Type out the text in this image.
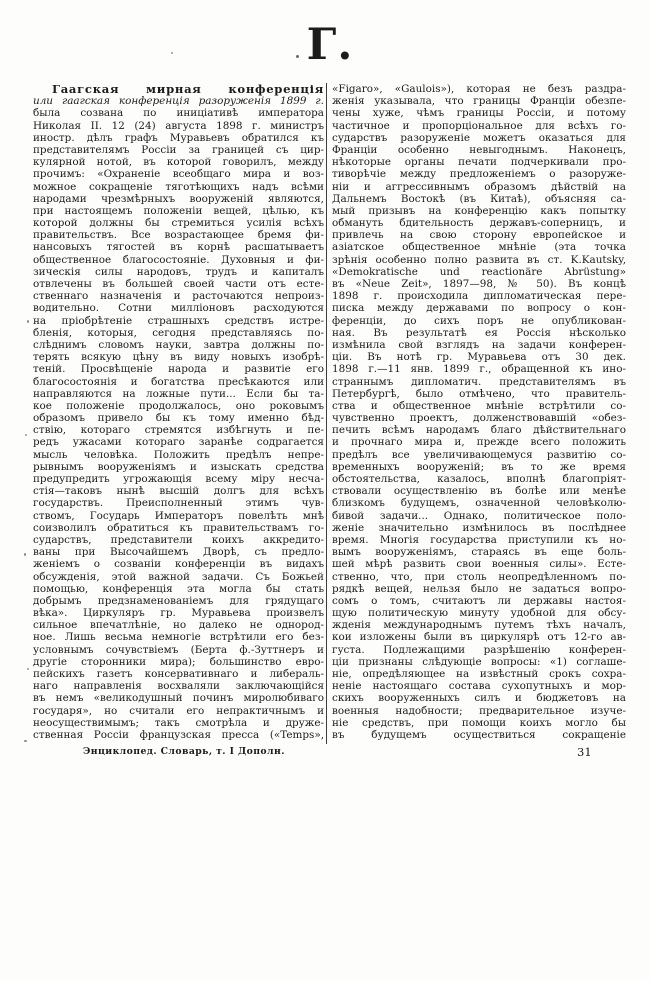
Г.
Гаагская мирная конференція
или гаагская конференція разоруженія 1899 г.
была созвана по иниціативѣ императора
Николая II. 12 (24) августа 1898 г. министръ
иностр. дѣлъ графъ Муравьевъ обратился къ
представителямъ Россіи за границей съ цир-
кулярной нотой, въ которой говорилъ, между
прочимъ: «Охраненіе всеобщаго мира и воз-
можное сокращеніе тяготѣющихъ надъ всѣми
народами чрезмѣрныхъ вооруженій являются,
при настоящемъ положеніи вещей, цѣлью, къ
которой должны бы стремиться усилія всѣхъ
правительствъ. Все возрастающее бремя фи-
нансовыхъ тягостей въ корнѣ расшатываетъ
общественное благосостояніе. Духовныя и фи-
зическія силы народовъ, трудъ и капиталъ
отвлечены въ большей своей части отъ есте-
ственнаго назначенія и расточаются непроиз-
водительно. Сотни милліоновъ расходуются
на пріобрѣтеніе страшныхъ средствъ истре-
бленія, которыя, сегодня представляясь по-
слѣднимъ словомъ науки, завтра должны по-
терять всякую цѣну въ виду новыхъ изобрѣ-
теній. Просвѣщеніе народа и развитіе его
благосостоянія и богатства пресѣкаются или
направляются на ложные пути... Если бы та-
кое положеніе продолжалось, оно роковымъ
образомъ привело бы къ тому именно бѣд-
ствію, котораго стремятся избѣгнуть и пе-
редъ ужасами котораго заранѣе содрагается
мысль человѣка. Положить предѣлъ непре-
рывнымъ вооруженіямъ и изыскать средства
предупредить угрожающія всему міру несча-
стія—таковъ нынѣ высшій долгъ для всѣхъ
государствъ. Преисполненный этимъ чув-
ствомъ, Государь Императоръ повелѣть мнѣ
соизволилъ обратиться къ правительствамъ го-
сударствъ, представители коихъ аккредито-
ваны при Высочайшемъ Дворѣ, съ предло-
женіемъ о созваніи конференціи въ видахъ
обсужденія, этой важной задачи. Съ Божьей
помощью, конференція эта могла бы стать
добрымъ предзнаменованіемъ для грядущаго
вѣка». Циркуляръ гр. Муравьева произвелъ
сильное впечатлѣніе, но далеко не однород-
ное. Лишь весьма немногіе встрѣтили его без-
условнымъ сочувствіемъ (Берта ф.-Зуттнеръ и
другіе сторонники мира); большинство евро-
пейскихъ газетъ консервативнаго и либераль-
наго направленія восхваляли заключающійся
въ немъ «великодушный починъ миролюбиваго
государя», но считали его непрактичнымъ и
неосуществимымъ; такъ смотрѣла и друже-
ственная Россіи французская пресса («Temps»,
«Figaro», «Gaulois»), которая не безъ раздра-
женія указывала, что границы Франціи обезпе-
чены хуже, чѣмъ границы Россіи, и потому
частичное и пропорціональное для всѣхъ го-
сударствъ разоруженіе можетъ оказаться для
Франціи особенно невыгоднымъ. Наконецъ,
нѣкоторые органы печати подчеркивали про-
тиворѣчіе между предложеніемъ о разоруже-
ніи и аггрессивнымъ образомъ дѣйствій на
Дальнемъ Востокѣ (въ Китаѣ), объясняя са-
мый призывъ на конференцію какъ попытку
обмануть бдительность державъ-соперницъ, и
привлечь на свою сторону европейское и
азіатское общественное мнѣніе (эта точка
зрѣнія особенно полно развита въ ст. K.Kautsky,
«Demokratische und reactionäre Abrüstung»
въ «Neue Zeit», 1897—98, № 50). Въ концѣ
1898 г. происходила дипломатическая пере-
писка между державами по вопросу о кон-
ференціи, до сихъ поръ не опубликован-
ная. Въ результатѣ ея Россія нѣсколько
измѣнила свой взглядъ на задачи конферен-
ціи. Въ нотѣ гр. Муравьева отъ 30 дек.
1898 г.—11 янв. 1899 г., обращенной къ ино-
страннымъ дипломатич. представителямъ въ
Петербургѣ, было отмѣчено, что правитель-
ства и общественное мнѣніе встрѣтили со-
чувственно проектъ, долженствовавшій «обез-
печить всѣмъ народамъ благо дѣйствительнаго
и прочнаго мира и, прежде всего положить
предѣлъ все увеличивающемуся развитію со-
временныхъ вооруженій; въ то же время
обстоятельства, казалось, вполнѣ благопріят-
ствовали осуществленію въ болѣе или менѣе
близкомъ будущемъ, означенной человѣколю-
бивой задачи... Однако, политическое поло-
женіе значительно измѣнилось въ послѣднее
время. Многія государства приступили къ но-
вымъ вооруженіямъ, стараясь въ еще боль-
шей мѣрѣ развить свои военныя силы». Есте-
ственно, что, при столь неопредѣленномъ по-
рядкѣ вещей, нельзя было не задаться вопро-
сомъ о томъ, считаютъ ли державы настоя-
щую политическую минуту удобной для обсу-
жденія международнымъ путемъ тѣхъ началъ,
кои изложены были въ циркулярѣ отъ 12-го ав-
густа. Подлежащими разрѣшенію конферен-
ціи признаны слѣдующіе вопросы: «1) соглаше-
ніе, опредѣляющее на извѣстный срокъ сохра-
неніе настоящаго состава сухопутныхъ и мор-
скихъ вооруженныхъ силъ и бюджетовъ на
военныя надобности; предварительное изуче-
ніе средствъ, при помощи коихъ могло бы
въ будущемъ осуществиться сокращеніе
Энциклопед. Словарь, т. I Дополн.	31
